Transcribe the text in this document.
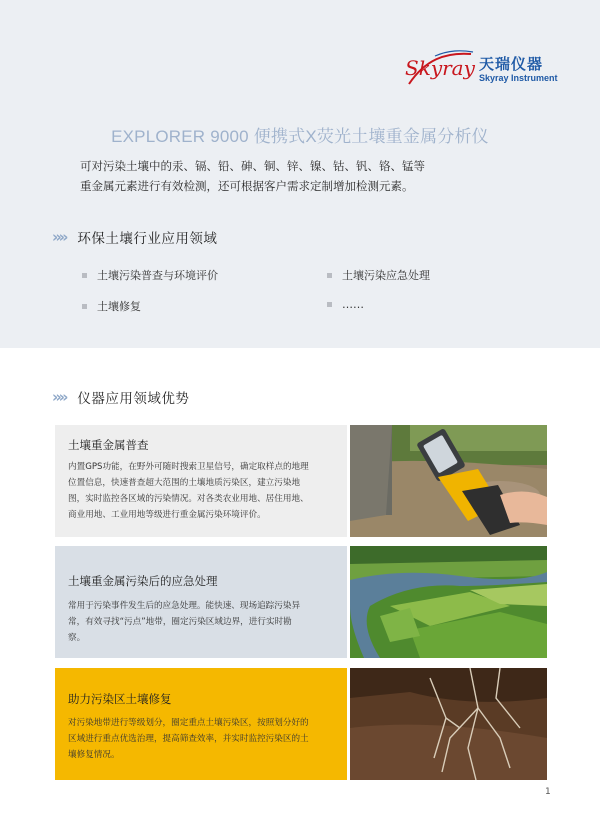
Skyray 天瑞仪器
Skyray Instrument
EXPLORER 9000 便携式X荧光土壤重金属分析仪
可对污染土壤中的汞、镉、铅、砷、铜、锌、镍、钴、钒、铬、锰等
重金属元素进行有效检测，还可根据客户需求定制增加检测元素。
»» 环保土壤行业应用领域
土壤污染普查与环境评价	土壤污染应急处理
土壤修复	……
»» 仪器应用领域优势
土壤重金属普查
内置GPS功能，在野外可随时搜索卫星信号，确定取样点的地理
位置信息，快速普查超大范围的土壤地质污染区，建立污染地
图，实时监控各区域的污染情况。对各类农业用地、居住用地、
商业用地、工业用地等级进行重金属污染环境评价。
土壤重金属污染后的应急处理
常用于污染事件发生后的应急处理。能快速、现场追踪污染异
常，有效寻找“污点”地带，圈定污染区域边界，进行实时勘
察。
助力污染区土壤修复
对污染地带进行等级划分，圈定重点土壤污染区，按照划分好的
区域进行重点优选治理，提高筛查效率，并实时监控污染区的土
壤修复情况。
1
